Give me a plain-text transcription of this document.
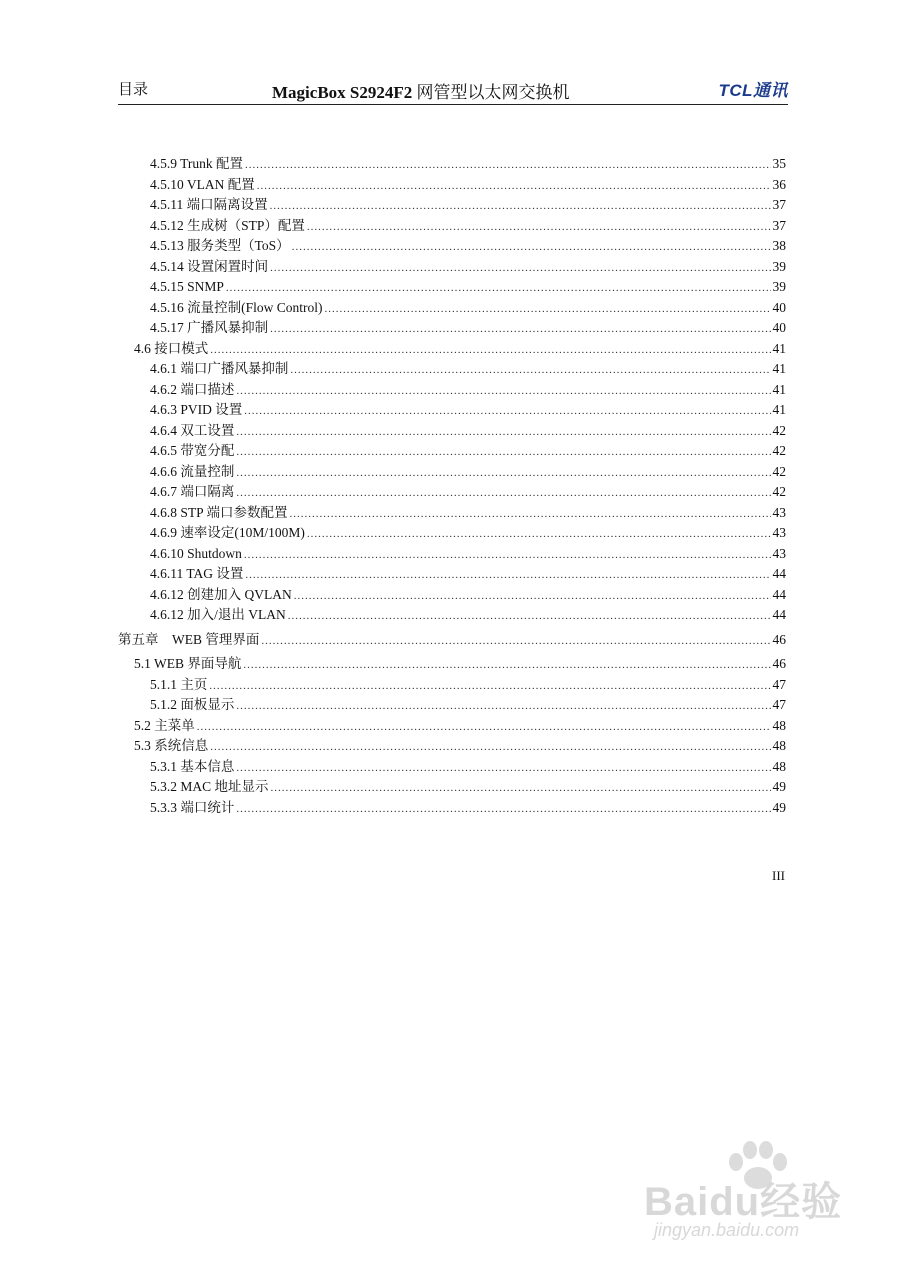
目录	MagicBox S2924F2 网管型以太网交换机	TCL通讯
4.5.9 Trunk 配置 .....	35
4.5.10 VLAN 配置 .....	36
4.5.11 端口隔离设置 .....	37
4.5.12 生成树（STP）配置 .....	37
4.5.13 服务类型（ToS） .....	38
4.5.14 设置闲置时间 .....	39
4.5.15 SNMP .....	39
4.5.16 流量控制(Flow Control) .....	40
4.5.17 广播风暴抑制 .....	40
4.6 接口模式 .....	41
4.6.1 端口广播风暴抑制 .....	41
4.6.2 端口描述 .....	41
4.6.3 PVID 设置 .....	41
4.6.4 双工设置 .....	42
4.6.5 带宽分配 .....	42
4.6.6 流量控制 .....	42
4.6.7 端口隔离 .....	42
4.6.8 STP 端口参数配置 .....	43
4.6.9 速率设定(10M/100M) .....	43
4.6.10 Shutdown .....	43
4.6.11 TAG 设置 .....	44
4.6.12 创建加入 QVLAN .....	44
4.6.12 加入/退出 VLAN .....	44
第五章　WEB 管理界面 .....	46
5.1 WEB 界面导航 .....	46
5.1.1 主页 .....	47
5.1.2 面板显示 .....	47
5.2 主菜单 .....	48
5.3 系统信息 .....	48
5.3.1 基本信息 .....	48
5.3.2 MAC 地址显示 .....	49
5.3.3 端口统计 .....	49
III
Baidu经验
jingyan.baidu.com
